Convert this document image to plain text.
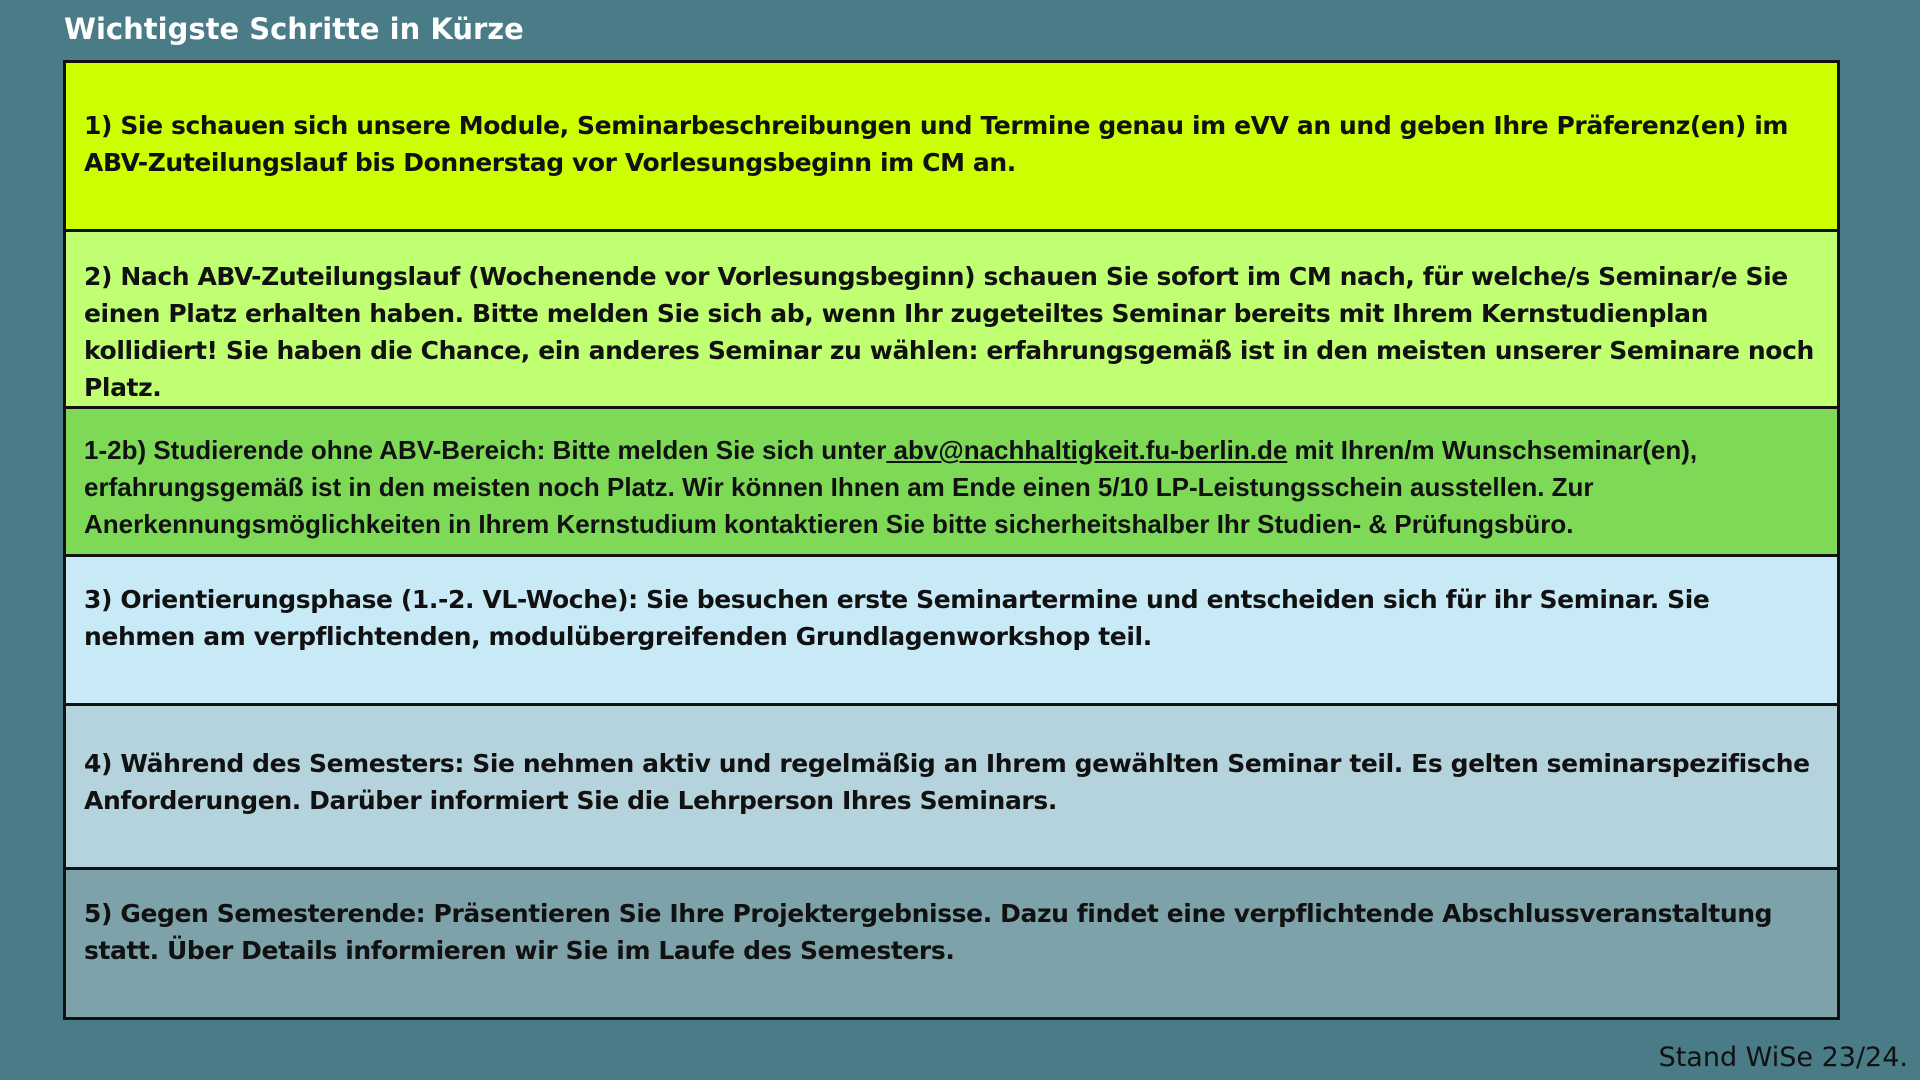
Wichtigste Schritte in Kürze

1) Sie schauen sich unsere Module, Seminarbeschreibungen und Termine genau im eVV an und geben Ihre Präferenz(en) im ABV-Zuteilungslauf bis Donnerstag vor Vorlesungsbeginn im CM an.

2) Nach ABV-Zuteilungslauf (Wochenende vor Vorlesungsbeginn) schauen Sie sofort im CM nach, für welche/s Seminar/e Sie einen Platz erhalten haben. Bitte melden Sie sich ab, wenn Ihr zugeteiltes Seminar bereits mit Ihrem Kernstudienplan kollidiert! Sie haben die Chance, ein anderes Seminar zu wählen: erfahrungsgemäß ist in den meisten unserer Seminare noch Platz.

1-2b) Studierende ohne ABV-Bereich: Bitte melden Sie sich unter abv@nachhaltigkeit.fu-berlin.de mit Ihren/m Wunschseminar(en), erfahrungsgemäß ist in den meisten noch Platz. Wir können Ihnen am Ende einen 5/10 LP-Leistungsschein ausstellen. Zur Anerkennungsmöglichkeiten in Ihrem Kernstudium kontaktieren Sie bitte sicherheitshalber Ihr Studien- & Prüfungsbüro.

3) Orientierungsphase (1.-2. VL-Woche): Sie besuchen erste Seminartermine und entscheiden sich für ihr Seminar. Sie nehmen am verpflichtenden, modulübergreifenden Grundlagenworkshop teil.

4) Während des Semesters: Sie nehmen aktiv und regelmäßig an Ihrem gewählten Seminar teil. Es gelten seminarspezifische Anforderungen. Darüber informiert Sie die Lehrperson Ihres Seminars.

5) Gegen Semesterende: Präsentieren Sie Ihre Projektergebnisse. Dazu findet eine verpflichtende Abschlussveranstaltung statt. Über Details informieren wir Sie im Laufe des Semesters.

Stand WiSe 23/24.
